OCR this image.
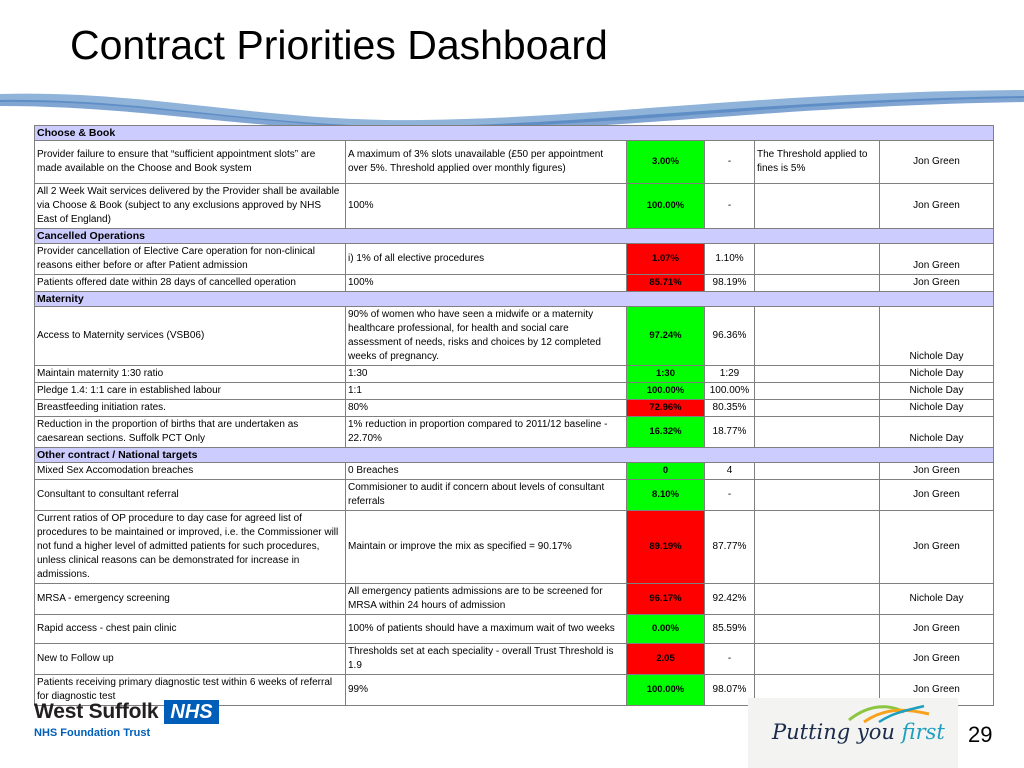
Contract Priorities Dashboard
Choose & Book					
Provider failure to ensure that “sufficient appointment slots” are made available on the Choose and Book system	A maximum of 3% slots unavailable (£50 per appointment over 5%. Threshold applied over monthly figures)	3.00%	-	The Threshold applied to fines is 5%	Jon Green
All 2 Week Wait services delivered by the Provider shall be available via Choose & Book (subject to any exclusions approved by NHS East of England)	100%	100.00%	-		Jon Green
Cancelled Operations					
Provider cancellation of Elective Care operation for non-clinical reasons either before or after Patient admission	i) 1% of all elective procedures	1.07%	1.10%		Jon Green
Patients offered date within 28 days of cancelled operation	100%	85.71%	98.19%		Jon Green
Maternity					
Access to Maternity services (VSB06)	90% of women who have seen a midwife or a maternity healthcare professional, for health and social care assessment of needs, risks and choices by 12 completed weeks of pregnancy.	97.24%	96.36%		Nichole Day
Maintain maternity 1:30 ratio	1:30	1:30	1:29		Nichole Day
Pledge 1.4: 1:1 care in established labour	1:1	100.00%	100.00%		Nichole Day
Breastfeeding initiation rates.	80%	72.96%	80.35%		Nichole Day
Reduction in the proportion of births that are undertaken as caesarean sections. Suffolk PCT Only	1% reduction in proportion compared to 2011/12 baseline - 22.70%	16.32%	18.77%		Nichole Day
Other contract / National targets					
Mixed Sex Accomodation breaches	0 Breaches	0	4		Jon Green
Consultant to consultant referral	Commisioner to audit if concern about levels of consultant referrals	8.10%	-		Jon Green
Current ratios of OP procedure to day case for agreed list of procedures to be maintained or improved, i.e. the Commissioner will not fund a higher level of admitted patients for such procedures, unless clinical reasons can be demonstrated for increase in admissions.	Maintain or improve the mix as specified = 90.17%	89.19%	87.77%		Jon Green
MRSA - emergency screening	All emergency patients admissions are to be screened for MRSA within 24 hours of admission	96.17%	92.42%		Nichole Day
Rapid access - chest pain clinic	100% of patients should have a maximum wait of two weeks	0.00%	85.59%		Jon Green
New to Follow up	Thresholds set at each speciality - overall Trust Threshold is 1.9	2.05	-		Jon Green
Patients receiving primary diagnostic test within 6 weeks of referral for diagnostic test	99%	100.00%	98.07%		Jon Green
West Suffolk NHS
NHS Foundation Trust	Putting you first 29
